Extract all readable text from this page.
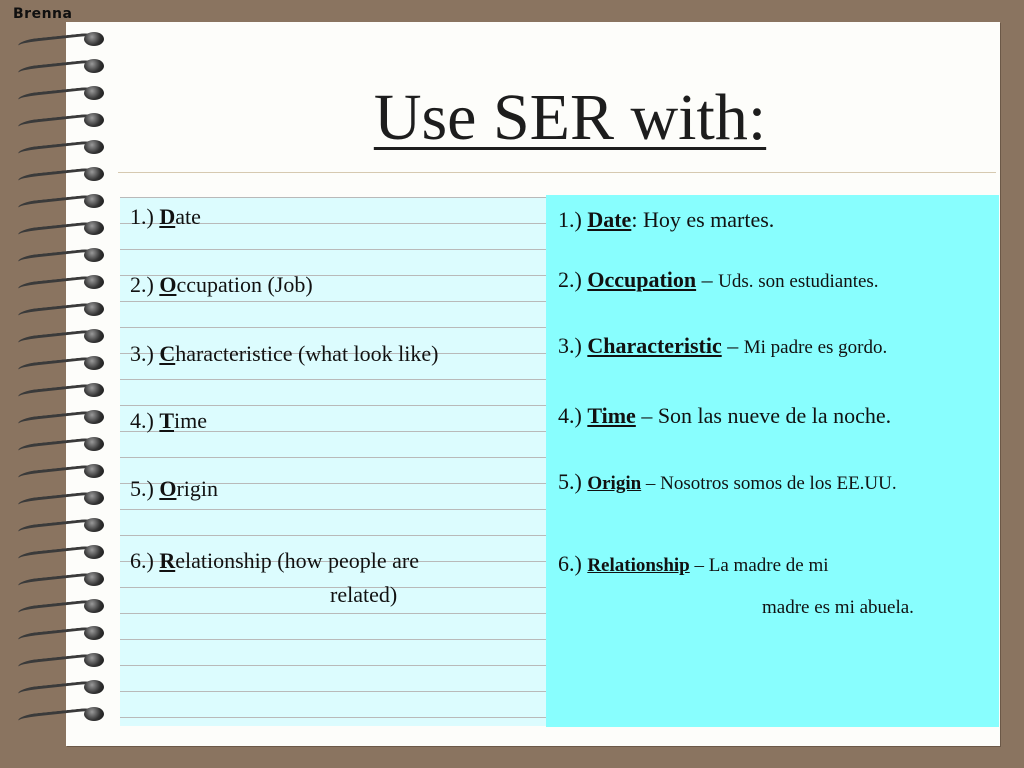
Brenna
Use SER with:
1.) Date
2.) Occupation (Job)
3.) Characteristice (what look like)
4.) Time
5.) Origin
6.) Relationship (how people are
related)
1.) Date: Hoy es martes.
2.) Occupation – Uds. son estudiantes.
3.) Characteristic – Mi padre es gordo.
4.) Time – Son las nueve de la noche.
5.) Origin – Nosotros somos de los EE.UU.
6.) Relationship – La madre de mi
madre es mi abuela.
